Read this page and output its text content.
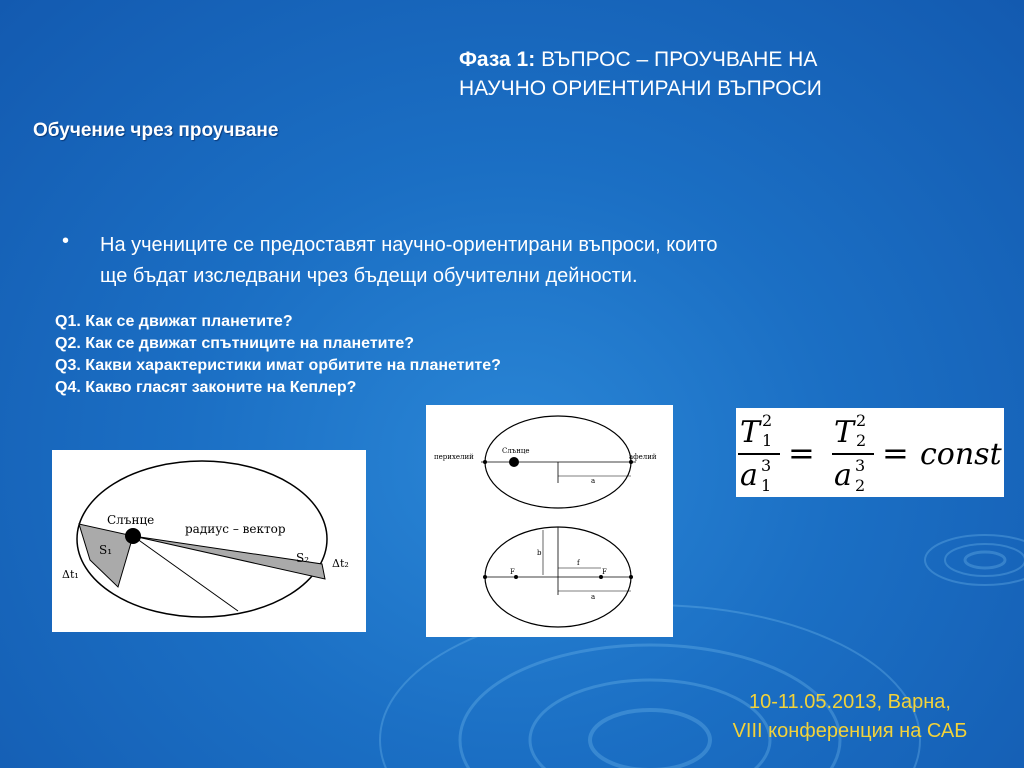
Фаза 1: ВЪПРОС – ПРОУЧВАНЕ НА
НАУЧНО ОРИЕНТИРАНИ ВЪПРОСИ
Обучение чрез проучване
• На учениците се предоставят научно-ориентирани въпроси, които
ще бъдат изследвани чрез бъдещи обучителни дейности.
Q1. Как се движат планетите?
Q2. Как се движат спътниците на планетите?
Q3. Какви характеристики имат орбитите на планетите?
Q4. Какво гласят законите на Кеплер?
Слънце
радиус – вектор
S₁
S₂
Δt₁
Δt₂
перихелий
Слънце
афелий
a
b
f
F	F
a
T 2
1
a 3
1
=
T 2
2
a 3
2
= const
10-11.05.2013, Варна,
VIII конференция на САБ
